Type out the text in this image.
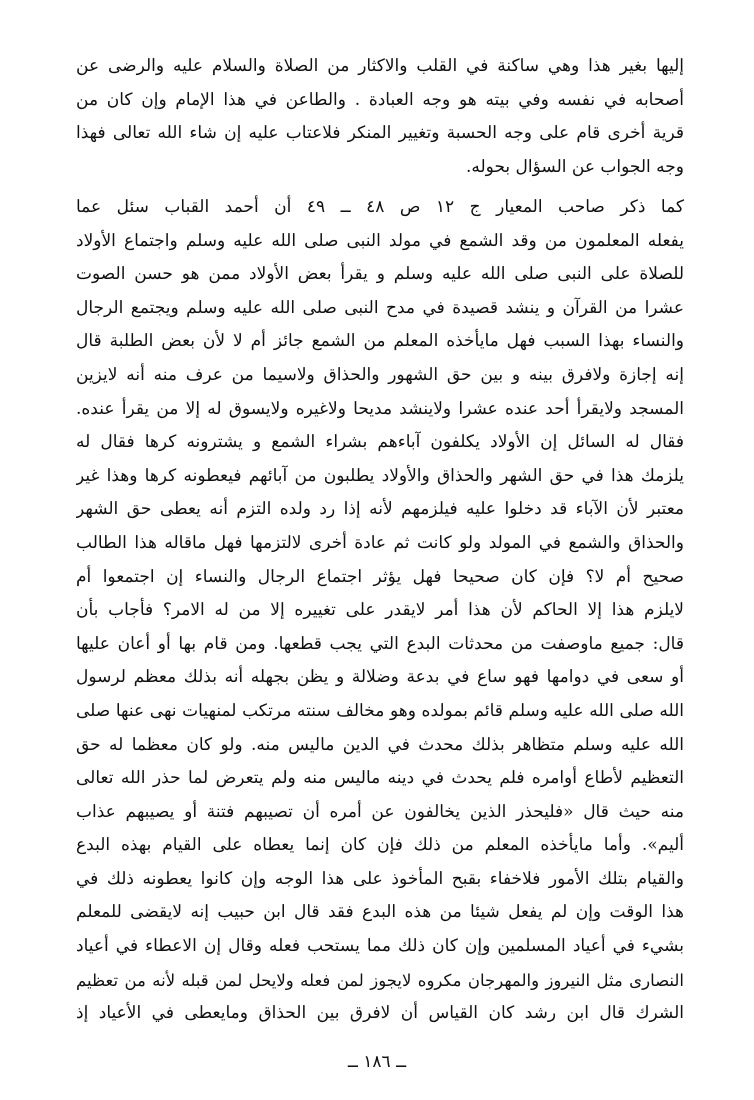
إليها بغير هذا وهي ساكنة في القلب والاكثار من الصلاة والسلام عليه والرضى عن
أصحابه في نفسه وفي بيته هو وجه العبادة . والطاعن في هذا الإمام وإن كان من
قرية أخرى قام على وجه الحسبة وتغيير المنكر فلاعتاب عليه إن شاء الله تعالى فهذا
وجه الجواب عن السؤال بحوله.
كما ذكر صاحب المعيار ج ١٢ ص ٤٨ ــ ٤٩ أن أحمد القباب سئل عما
يفعله المعلمون من وقد الشمع في مولد النبى صلى الله عليه وسلم واجتماع الأولاد
للصلاة على النبى صلى الله عليه وسلم و يقرأ بعض الأولاد ممن هو حسن الصوت
عشرا من القرآن و ينشد قصيدة في مدح النبى صلى الله عليه وسلم ويجتمع الرجال
والنساء بهذا السبب فهل مايأخذه المعلم من الشمع جائز أم لا لأن بعض الطلبة قال
إنه إجازة ولافرق بينه و بين حق الشهور والحذاق ولاسيما من عرف منه أنه لايزين
المسجد ولايقرأ أحد عنده عشرا ولاينشد مديحا ولاغيره ولايسوق له إلا من يقرأ عنده.
فقال له السائل إن الأولاد يكلفون آباءهم بشراء الشمع و يشترونه كرها فقال له
يلزمك هذا في حق الشهر والحذاق والأولاد يطلبون من آبائهم فيعطونه كرها وهذا غير
معتبر لأن الآباء قد دخلوا عليه فيلزمهم لأنه إذا رد ولده التزم أنه يعطى حق الشهر
والحذاق والشمع في المولد ولو كانت ثم عادة أخرى لالتزمها فهل ماقاله هذا الطالب
صحيح أم لا؟ فإن كان صحيحا فهل يؤثر اجتماع الرجال والنساء إن اجتمعوا أم
لايلزم هذا إلا الحاكم لأن هذا أمر لايقدر على تغييره إلا من له الامر؟ فأجاب بأن
قال: جميع ماوصفت من محدثات البدع التي يجب قطعها. ومن قام بها أو أعان عليها
أو سعى في دوامها فهو ساع في بدعة وضلالة و يظن بجهله أنه بذلك معظم لرسول
الله صلى الله عليه وسلم قائم بمولده وهو مخالف سنته مرتكب لمنهيات نهى عنها صلى
الله عليه وسلم متظاهر بذلك محدث في الدين ماليس منه. ولو كان معظما له حق
التعظيم لأطاع أوامره فلم يحدث في دينه ماليس منه ولم يتعرض لما حذر الله تعالى
منه حيث قال «فليحذر الذين يخالفون عن أمره أن تصيبهم فتنة أو يصيبهم عذاب
أليم». وأما مايأخذه المعلم من ذلك فإن كان إنما يعطاه على القيام بهذه البدع
والقيام بتلك الأمور فلاخفاء بقبح المأخوذ على هذا الوجه وإن كانوا يعطونه ذلك في
هذا الوقت وإن لم يفعل شيئا من هذه البدع فقد قال ابن حبيب إنه لايقضى للمعلم
بشيء في أعياد المسلمين وإن كان ذلك مما يستحب فعله وقال إن الاعطاء في أعياد
النصارى مثل النيروز والمهرجان مكروه لايجوز لمن فعله ولايحل لمن قبله لأنه من تعظيم
الشرك قال ابن رشد كان القياس أن لافرق بين الحذاق ومايعطى في الأعياد إذ
ــ ١٨٦ ــ
